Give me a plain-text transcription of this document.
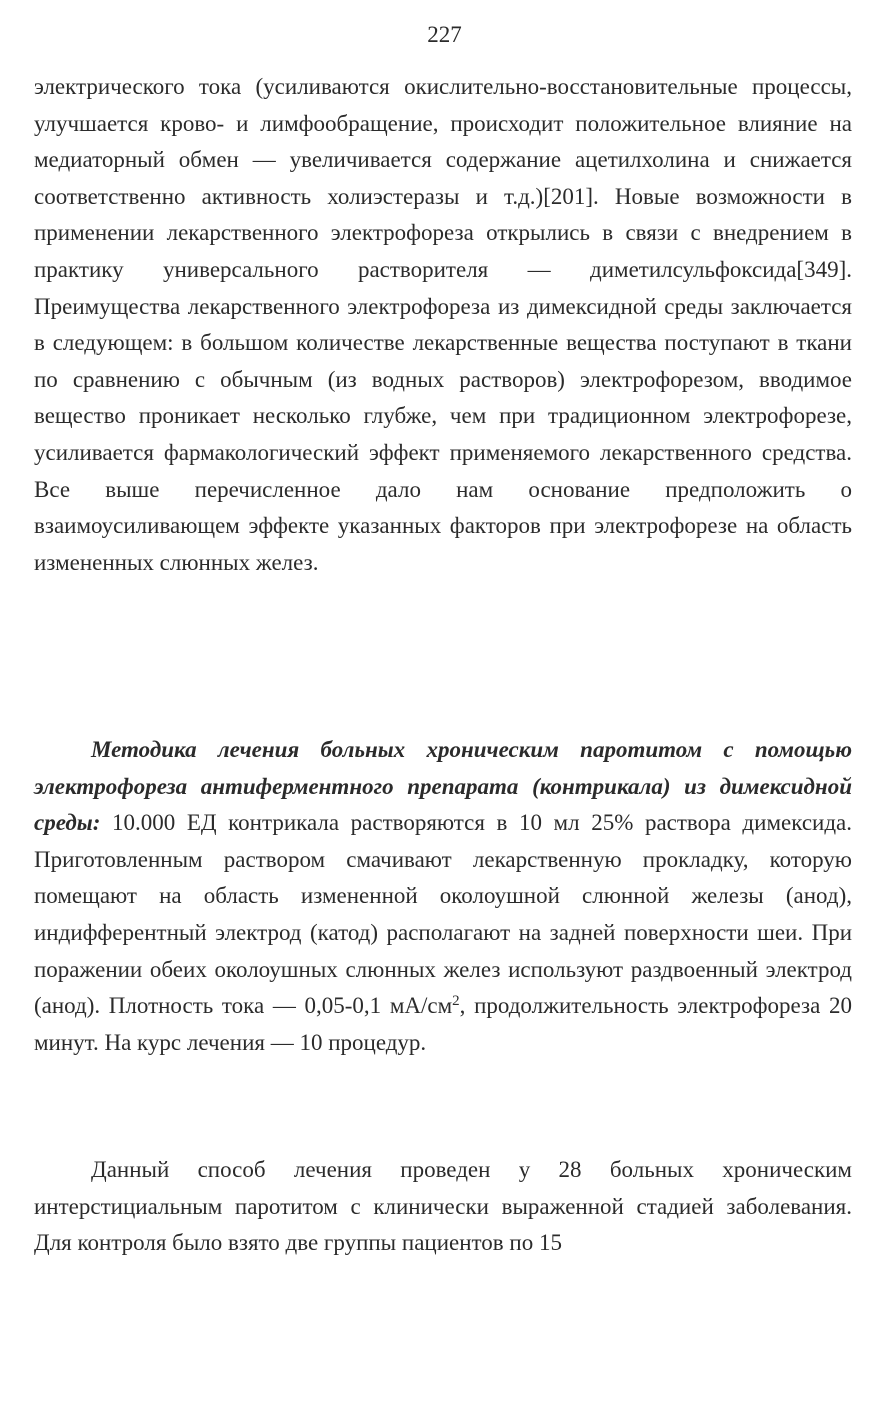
227

электрического тока (усиливаются окислительно-восстановительные процессы, улучшается крово- и лимфообращение, происходит положительное влияние на медиаторный обмен — увеличивается содержание ацетилхолина и снижается соответственно активность холиэстеразы и т.д.)[201]. Новые возможности в применении лекарственного электрофореза открылись в связи с внедрением в практику универсального растворителя — диметилсульфоксида[349]. Преимущества лекарственного электрофореза из димексидной среды заключается в следующем: в большом количестве лекарственные вещества поступают в ткани по сравнению с обычным (из водных растворов) электрофорезом, вводимое вещество проникает несколько глубже, чем при традиционном электрофорезе, усиливается фармакологический эффект применяемого лекарственного средства. Все выше перечисленное дало нам основание предположить о взаимоусиливающем эффекте указанных факторов при электрофорезе на область измененных слюнных желез.

Методика лечения больных хроническим паротитом с помощью электрофореза антиферментного препарата (контрикала) из димексидной среды: 10.000 ЕД контрикала растворяются в 10 мл 25% раствора димексида. Приготовленным раствором смачивают лекарственную прокладку, которую помещают на область измененной околоушной слюнной железы (анод), индифферентный электрод (катод) располагают на задней поверхности шеи. При поражении обеих околоушных слюнных желез используют раздвоенный электрод (анод). Плотность тока — 0,05-0,1 $мА/см^2$, продолжительность электрофореза 20 минут. На курс лечения — 10 процедур.

Данный способ лечения проведен у 28 больных хроническим интерстициальным паротитом с клинически выраженной стадией заболевания. Для контроля было взято две группы пациентов по 15
